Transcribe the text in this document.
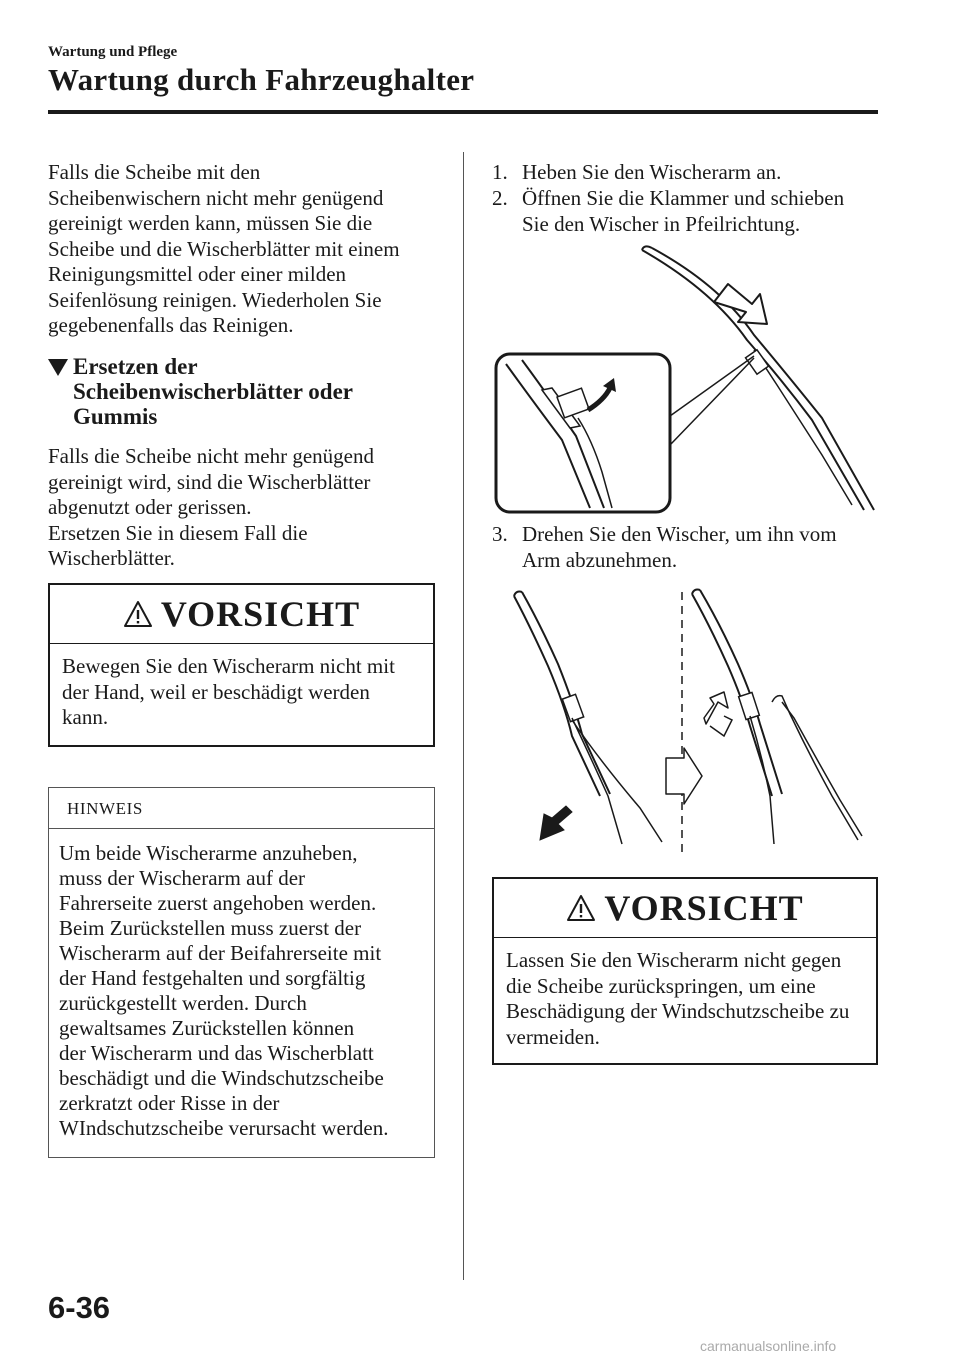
Wartung und Pflege
Wartung durch Fahrzeughalter
Falls die Scheibe mit den
Scheibenwischern nicht mehr genügend
gereinigt werden kann, müssen Sie die
Scheibe und die Wischerblätter mit einem
Reinigungsmittel oder einer milden
Seifenlösung reinigen. Wiederholen Sie
gegebenenfalls das Reinigen.
Ersetzen der
Scheibenwischerblätter oder
Gummis
Falls die Scheibe nicht mehr genügend
gereinigt wird, sind die Wischerblätter
abgenutzt oder gerissen.
Ersetzen Sie in diesem Fall die
Wischerblätter.
VORSICHT
Bewegen Sie den Wischerarm nicht mit
der Hand, weil er beschädigt werden
kann.
HINWEIS
Um beide Wischerarme anzuheben,
muss der Wischerarm auf der
Fahrerseite zuerst angehoben werden.
Beim Zurückstellen muss zuerst der
Wischerarm auf der Beifahrerseite mit
der Hand festgehalten und sorgfältig
zurückgestellt werden. Durch
gewaltsames Zurückstellen können
der Wischerarm und das Wischerblatt
beschädigt und die Windschutzscheibe
zerkratzt oder Risse in der
WIndschutzscheibe verursacht werden.
1. Heben Sie den Wischerarm an.
2. Öffnen Sie die Klammer und schieben
Sie den Wischer in Pfeilrichtung.
3. Drehen Sie den Wischer, um ihn vom
Arm abzunehmen.
VORSICHT
Lassen Sie den Wischerarm nicht gegen
die Scheibe zurückspringen, um eine
Beschädigung der Windschutzscheibe zu
vermeiden.
6-36
carmanualsonline.info
